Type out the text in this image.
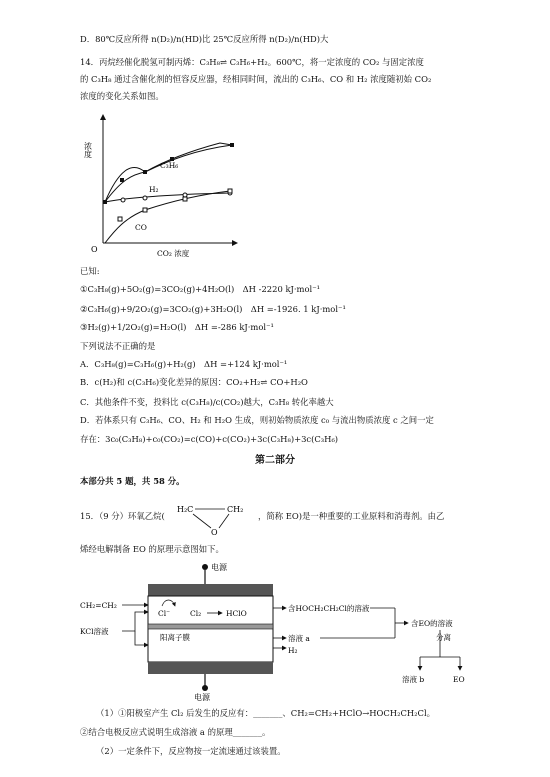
D．80℃反应所得 n(D₂)/n(HD)比 25℃反应所得 n(D₂)/n(HD)大
14．丙烷经催化脱氢可制丙烯：C₃H₈⇌ C₃H₆+H₂。600℃，将一定浓度的 CO₂ 与固定浓度
的 C₃H₈ 通过含催化剂的恒容反应器，经相同时间，流出的 C₃H₆、CO 和 H₂ 浓度随初始 CO₂
浓度的变化关系如图。
O
浓度
CO₂ 浓度
C₃H₆
H₂
CO
已知:
①C₃H₈(g)+5O₂(g)=3CO₂(g)+4H₂O(l)　ΔH -2220 kJ·mol⁻¹
②C₃H₆(g)+9/2O₂(g)=3CO₂(g)+3H₂O(l)　ΔH =-1926. 1 kJ·mol⁻¹
③H₂(g)+1/2O₂(g)=H₂O(l)　ΔH =-286 kJ·mol⁻¹
下列说法不正确的是
A．C₃H₈(g)=C₃H₆(g)+H₂(g)　ΔH =+124 kJ·mol⁻¹
B．c(H₂)和 c(C₃H₆)变化差异的原因：CO₂+H₂⇌ CO+H₂O
C．其他条件不变，投料比 c(C₃H₈)/c(CO₂)越大，C₃H₈ 转化率越大
D．若体系只有 C₃H₆、CO、H₂ 和 H₂O 生成，则初始物质浓度 c₀ 与流出物质浓度 c 之间一定
存在：3c₀(C₃H₈)+c₀(CO₂)=c(CO)+c(CO₂)+3c(C₃H₈)+3c(C₃H₆)
第二部分
本部分共 5 题，共 58 分。
15．（9 分）环氧乙烷(
H₂C	CH₂
O
，简称 EO)是一种重要的工业原料和消毒剂。由乙
烯经电解制备 EO 的原理示意图如下。
电源
阳离子膜
电源
CH₂=CH₂
KCl溶液
Cl⁻	Cl₂	HClO
含HOCH₂CH₂Cl的溶液
溶液 a
H₂
含EO的溶液
分离
溶液 b	EO
（1）①阳极室产生 Cl₂ 后发生的反应有：_______、CH₂=CH₂+HClO→HOCH₂CH₂Cl。
②结合电极反应式说明生成溶液 a 的原理_______。
（2）一定条件下，反应物按一定流速通过该装置。
